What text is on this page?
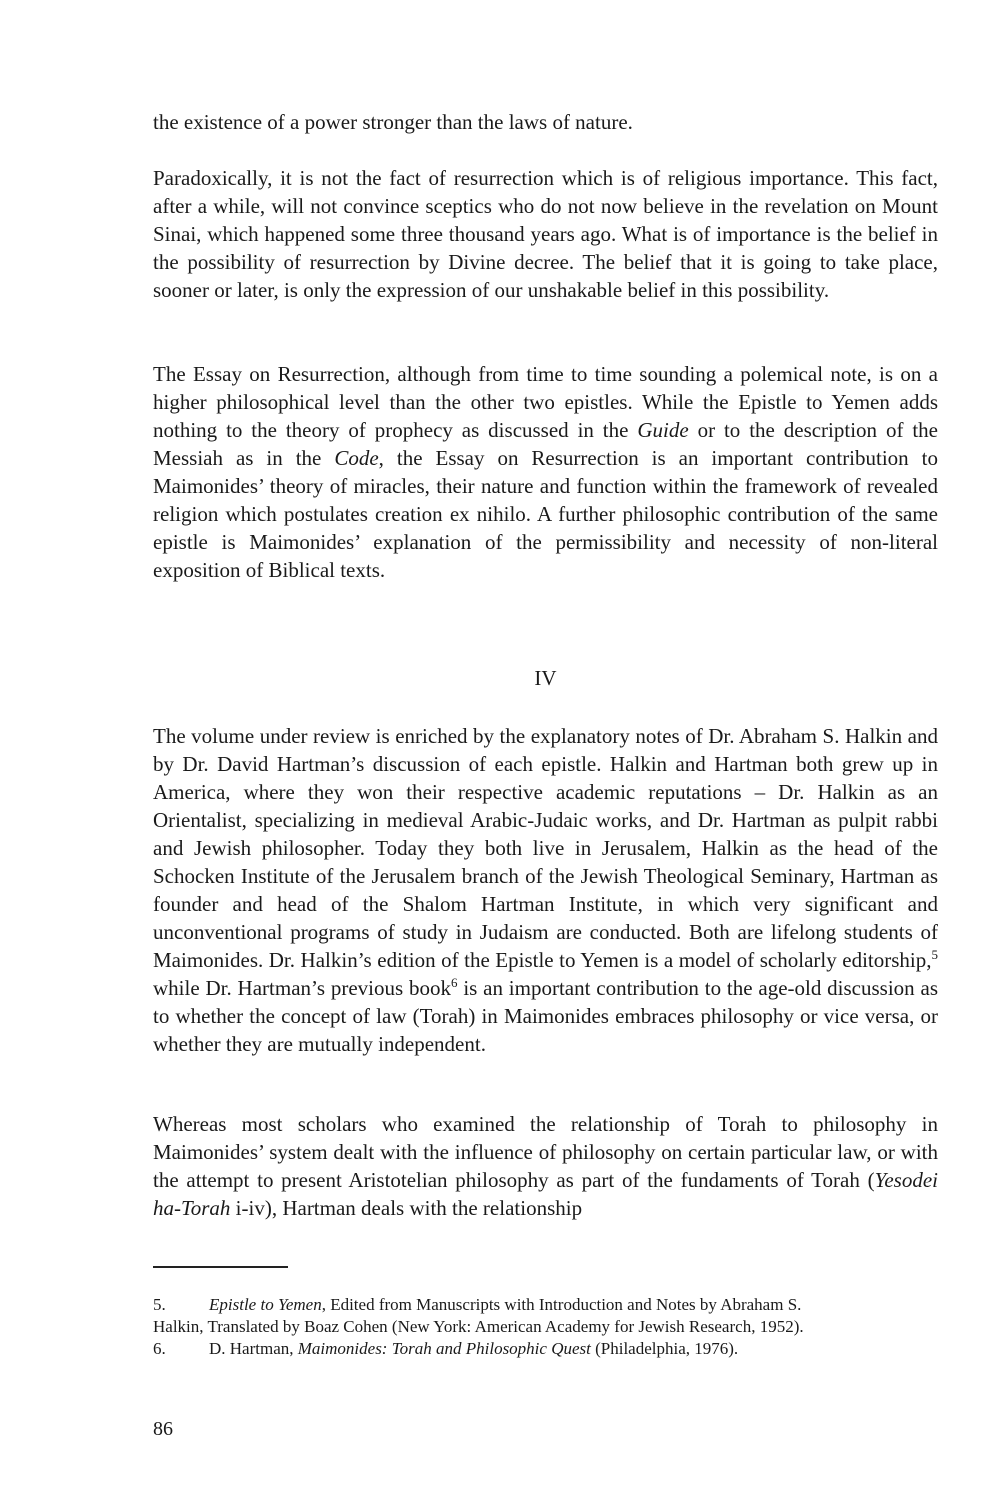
the existence of a power stronger than the laws of nature.

Paradoxically, it is not the fact of resurrection which is of religious importance. This fact, after a while, will not convince sceptics who do not now believe in the revelation on Mount Sinai, which happened some three thousand years ago. What is of importance is the belief in the possibility of resurrection by Divine decree. The belief that it is going to take place, sooner or later, is only the expression of our unshakable belief in this possibility.

The Essay on Resurrection, although from time to time sounding a polemical note, is on a higher philosophical level than the other two epistles. While the Epistle to Yemen adds nothing to the theory of prophecy as discussed in the Guide or to the description of the Messiah as in the Code, the Essay on Resurrection is an important contribution to Maimonides’ theory of miracles, their nature and function within the framework of revealed religion which postulates creation ex nihilo. A further philosophic contribution of the same epistle is Maimonides’ explanation of the permissibility and necessity of non-literal exposition of Biblical texts.

IV

The volume under review is enriched by the explanatory notes of Dr. Abraham S. Halkin and by Dr. David Hartman’s discussion of each epistle. Halkin and Hartman both grew up in America, where they won their respective academic reputations – Dr. Halkin as an Orientalist, specializing in medieval Arabic-Judaic works, and Dr. Hartman as pulpit rabbi and Jewish philosopher. Today they both live in Jerusalem, Halkin as the head of the Schocken Institute of the Jerusalem branch of the Jewish Theological Seminary, Hartman as founder and head of the Shalom Hartman Institute, in which very significant and unconventional programs of study in Judaism are conducted. Both are lifelong students of Maimonides. Dr. Halkin’s edition of the Epistle to Yemen is a model of scholarly editorship,$^5$ while Dr. Hartman’s previous book$^6$ is an important contribution to the age-old discussion as to whether the concept of law (Torah) in Maimonides embraces philosophy or vice versa, or whether they are mutually independent.

Whereas most scholars who examined the relationship of Torah to philosophy in Maimonides’ system dealt with the influence of philosophy on certain particular law, or with the attempt to present Aristotelian philosophy as part of the fundaments of Torah (Yesodei ha-Torah i-iv), Hartman deals with the relationship

5.	Epistle to Yemen, Edited from Manuscripts with Introduction and Notes by Abraham S.

Halkin, Translated by Boaz Cohen (New York: American Academy for Jewish Research, 1952).

6.	D. Hartman, Maimonides: Torah and Philosophic Quest (Philadelphia, 1976).

86
